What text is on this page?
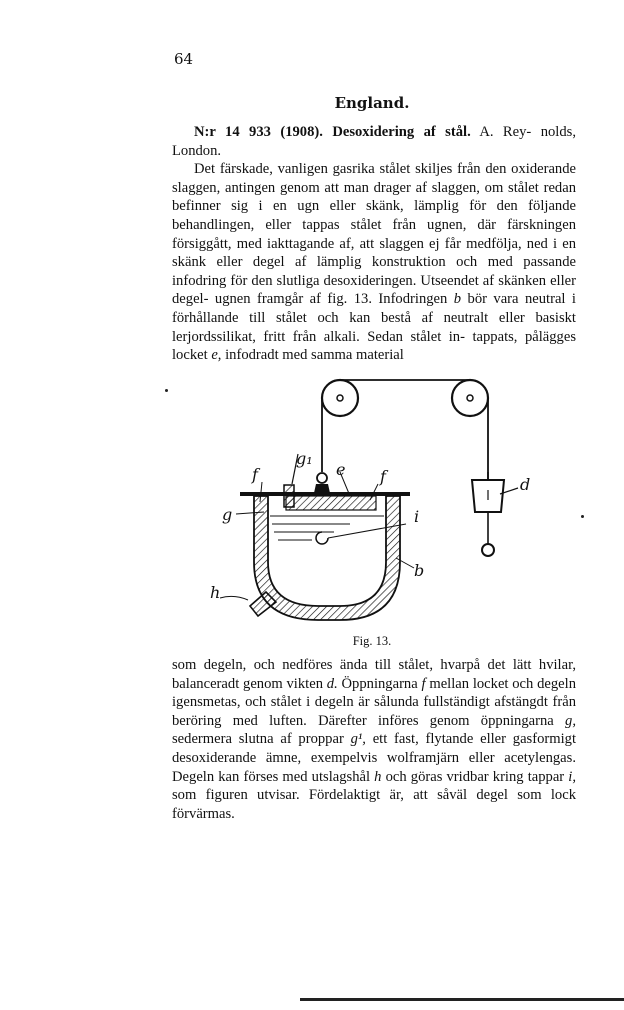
64
England.

N:r 14 933 (1908). Desoxidering af stål. A. Rey- nolds, London.

Det färskade, vanligen gasrika stålet skiljes från den oxiderande slaggen, antingen genom att man drager af slaggen, om stålet redan befinner sig i en ugn eller skänk, lämplig för den följande behandlingen, eller tappas stålet från ugnen, där färskningen försiggått, med iakttagande af, att slaggen ej får medfölja, ned i en skänk eller degel af lämplig konstruktion och med passande infodring för den slutliga desoxideringen. Utseendet af skänken eller degel- ugnen framgår af fig. 13. Infodringen b bör vara neutral i förhållande till stålet och kan bestå af neutralt eller basiskt lerjordssilikat, fritt från alkali. Sedan stålet in- tappats, pålägges locket e, infodradt med samma material

f
g₁
e f
g	i
b
h
d
Fig. 13.

som degeln, och nedföres ända till stålet, hvarpå det lätt hvilar, balanceradt genom vikten d. Öppningarna f mellan locket och degeln igensmetas, och stålet i degeln är sålunda fullständigt afstängdt från beröring med luften. Därefter införes genom öppningarna g, sedermera slutna af proppar g¹, ett fast, flytande eller gasformigt desoxiderande ämne, exempelvis wolframjärn eller acetylengas. Degeln kan förses med utslagshål h och göras vridbar kring tappar i, som figuren utvisar. Fördelaktigt är, att såväl degel som lock förvärmas.
